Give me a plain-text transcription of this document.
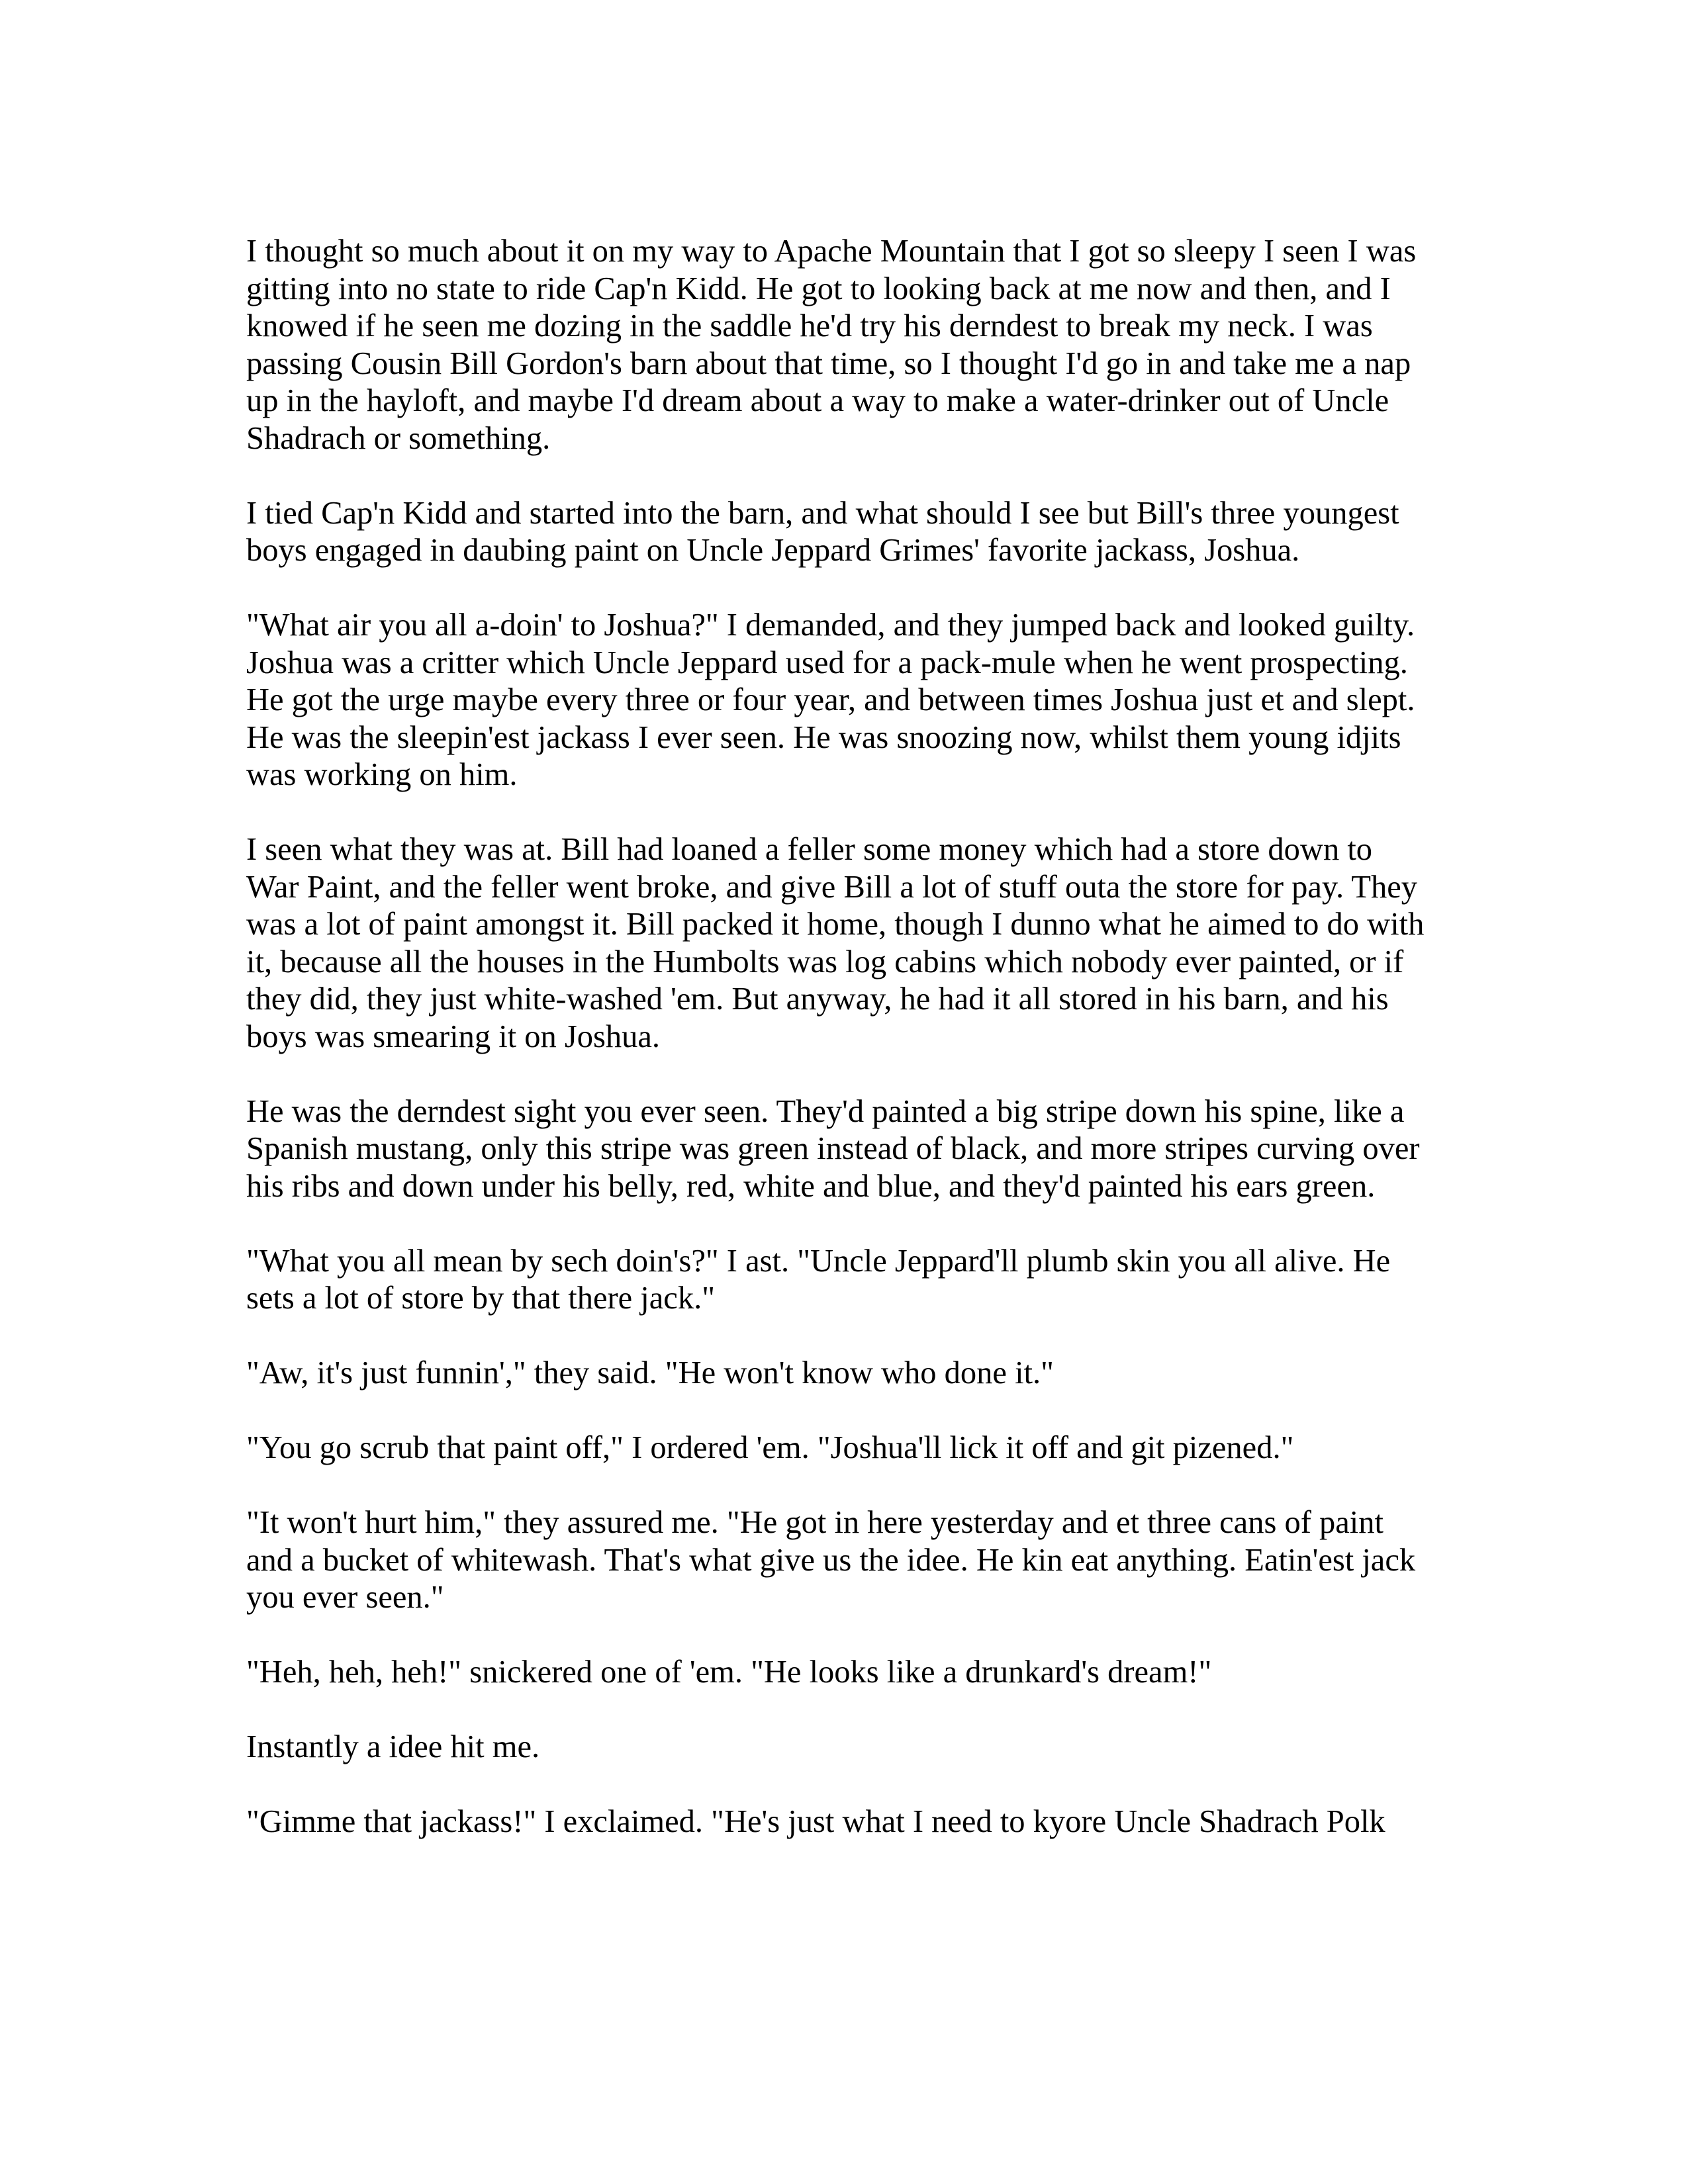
I thought so much about it on my way to Apache Mountain that I got so sleepy I seen I was gitting into no state to ride Cap'n Kidd. He got to looking back at me now and then, and I knowed if he seen me dozing in the saddle he'd try his derndest to break my neck. I was passing Cousin Bill Gordon's barn about that time, so I thought I'd go in and take me a nap up in the hayloft, and maybe I'd dream about a way to make a water-drinker out of Uncle Shadrach or something.

I tied Cap'n Kidd and started into the barn, and what should I see but Bill's three youngest boys engaged in daubing paint on Uncle Jeppard Grimes' favorite jackass, Joshua.

"What air you all a-doin' to Joshua?" I demanded, and they jumped back and looked guilty. Joshua was a critter which Uncle Jeppard used for a pack-mule when he went prospecting. He got the urge maybe every three or four year, and between times Joshua just et and slept. He was the sleepin'est jackass I ever seen. He was snoozing now, whilst them young idjits was working on him.

I seen what they was at. Bill had loaned a feller some money which had a store down to War Paint, and the feller went broke, and give Bill a lot of stuff outa the store for pay. They was a lot of paint amongst it. Bill packed it home, though I dunno what he aimed to do with it, because all the houses in the Humbolts was log cabins which nobody ever painted, or if they did, they just white-washed 'em. But anyway, he had it all stored in his barn, and his boys was smearing it on Joshua.

He was the derndest sight you ever seen. They'd painted a big stripe down his spine, like a Spanish mustang, only this stripe was green instead of black, and more stripes curving over his ribs and down under his belly, red, white and blue, and they'd painted his ears green.

"What you all mean by sech doin's?" I ast. "Uncle Jeppard'll plumb skin you all alive. He sets a lot of store by that there jack."

"Aw, it's just funnin'," they said. "He won't know who done it."

"You go scrub that paint off," I ordered 'em. "Joshua'll lick it off and git pizened."

"It won't hurt him," they assured me. "He got in here yesterday and et three cans of paint and a bucket of whitewash. That's what give us the idee. He kin eat anything. Eatin'est jack you ever seen."

"Heh, heh, heh!" snickered one of 'em. "He looks like a drunkard's dream!"

Instantly a idee hit me.

"Gimme that jackass!" I exclaimed. "He's just what I need to kyore Uncle Shadrach Polk
